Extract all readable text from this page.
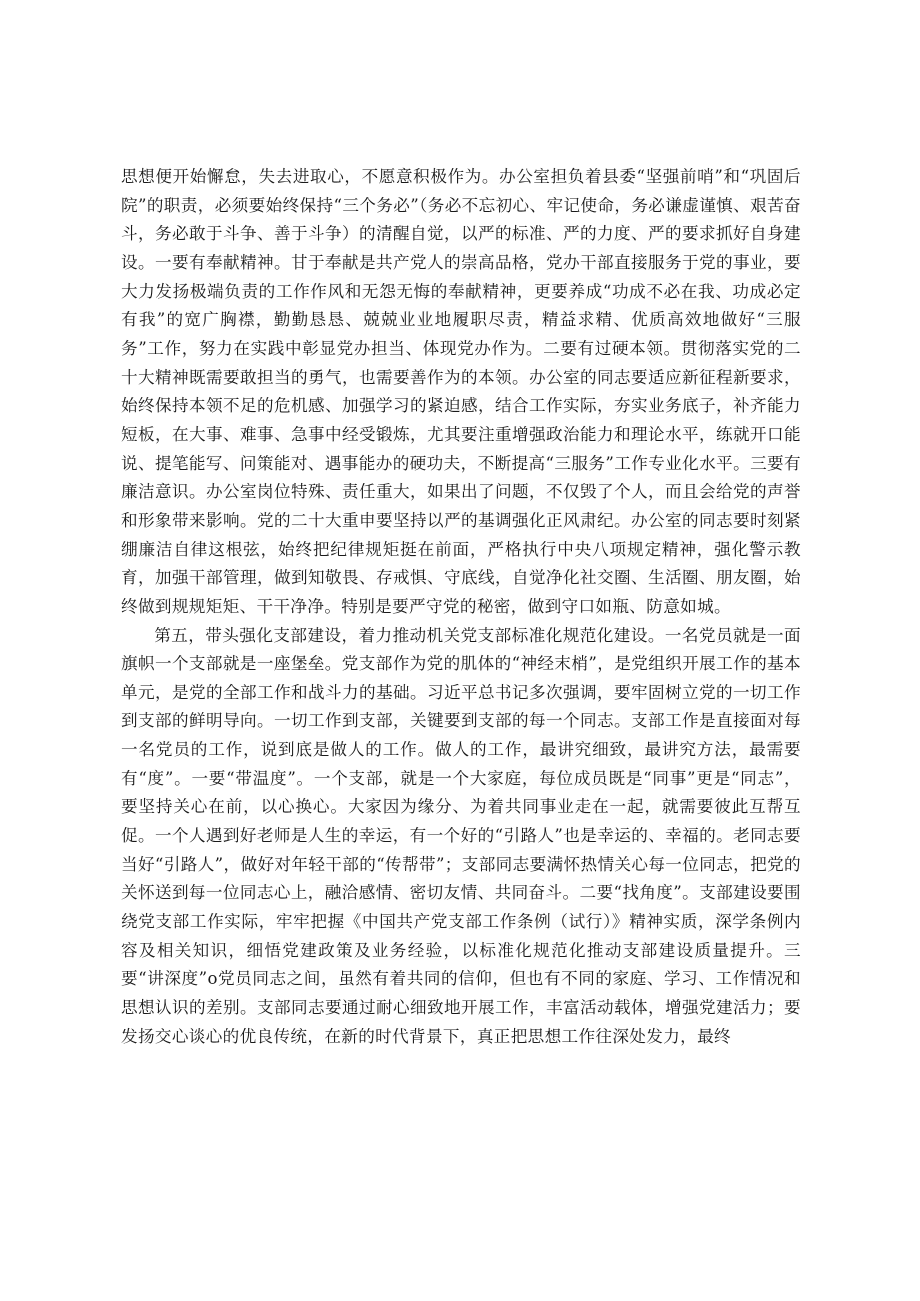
思想便开始懈怠，失去进取心，不愿意积极作为。办公室担负着县委“坚强前哨”和“巩固后院”的职责，必须要始终保持“三个务必”（务必不忘初心、牢记使命，务必谦虚谨慎、艰苦奋斗，务必敢于斗争、善于斗争）的清醒自觉，以严的标准、严的力度、严的要求抓好自身建设。一要有奉献精神。甘于奉献是共产党人的崇高品格，党办干部直接服务于党的事业，要大力发扬极端负责的工作作风和无怨无悔的奉献精神，更要养成“功成不必在我、功成必定有我”的宽广胸襟，勤勤恳恳、兢兢业业地履职尽责，精益求精、优质高效地做好“三服务”工作，努力在实践中彰显党办担当、体现党办作为。二要有过硬本领。贯彻落实党的二十大精神既需要敢担当的勇气，也需要善作为的本领。办公室的同志要适应新征程新要求，始终保持本领不足的危机感、加强学习的紧迫感，结合工作实际，夯实业务底子，补齐能力短板，在大事、难事、急事中经受锻炼，尤其要注重增强政治能力和理论水平，练就开口能说、提笔能写、问策能对、遇事能办的硬功夫，不断提高“三服务”工作专业化水平。三要有廉洁意识。办公室岗位特殊、责任重大，如果出了问题，不仅毁了个人，而且会给党的声誉和形象带来影响。党的二十大重申要坚持以严的基调强化正风肃纪。办公室的同志要时刻紧绷廉洁自律这根弦，始终把纪律规矩挺在前面，严格执行中央八项规定精神，强化警示教育，加强干部管理，做到知敬畏、存戒惧、守底线，自觉净化社交圈、生活圈、朋友圈，始终做到规规矩矩、干干净净。特别是要严守党的秘密，做到守口如瓶、防意如城。

第五，带头强化支部建设，着力推动机关党支部标准化规范化建设。一名党员就是一面旗帜一个支部就是一座堡垒。党支部作为党的肌体的“神经末梢”，是党组织开展工作的基本单元，是党的全部工作和战斗力的基础。习近平总书记多次强调，要牢固树立党的一切工作到支部的鲜明导向。一切工作到支部，关键要到支部的每一个同志。支部工作是直接面对每一名党员的工作，说到底是做人的工作。做人的工作，最讲究细致，最讲究方法，最需要有“度”。一要“带温度”。一个支部，就是一个大家庭，每位成员既是“同事”更是“同志”，要坚持关心在前，以心换心。大家因为缘分、为着共同事业走在一起，就需要彼此互帮互促。一个人遇到好老师是人生的幸运，有一个好的“引路人”也是幸运的、幸福的。老同志要当好“引路人”，做好对年轻干部的“传帮带”；支部同志要满怀热情关心每一位同志，把党的关怀送到每一位同志心上，融洽感情、密切友情、共同奋斗。二要“找角度”。支部建设要围绕党支部工作实际，牢牢把握《中国共产党支部工作条例（试行）》精神实质，深学条例内容及相关知识，细悟党建政策及业务经验，以标准化规范化推动支部建设质量提升。三要“讲深度”o党员同志之间，虽然有着共同的信仰，但也有不同的家庭、学习、工作情况和思想认识的差别。支部同志要通过耐心细致地开展工作，丰富活动载体，增强党建活力；要发扬交心谈心的优良传统，在新的时代背景下，真正把思想工作往深处发力，最终
